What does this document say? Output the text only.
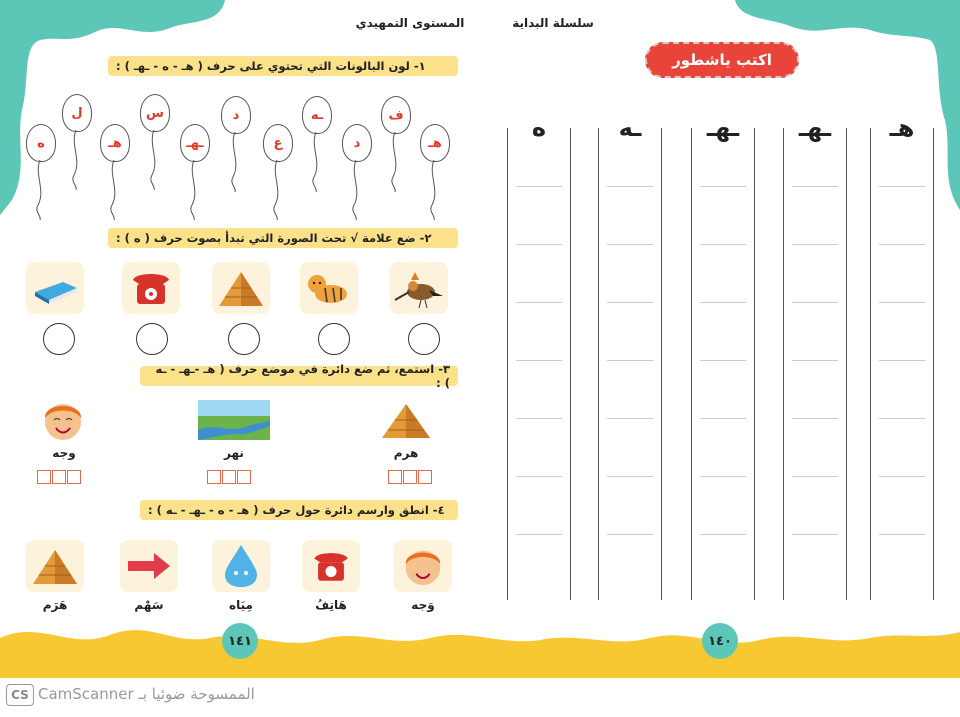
سلسلة البداية
المستوى التمهيدي
اكتب ياشطور
هـ
ـهـ
ـهـ
ـه
ه
١- لون البالونات التي تحتوي على حرف ( هـ - ه - ـهـ ) :
هـ
ف
د
ـه
ع
د
ـهـ
س
هـ
ل
ه
٢- ضع علامة √ تحت الصورة التي تبدأ بصوت حرف ( ه ) :
٣- استمع، ثم ضع دائرة في موضع حرف ( هـ -ـهـ - ـه ) :
هرم
نهر
وجه
٤- انطق وارسم دائرة حول حرف ( هـ - ه - ـهـ - ـه ) :
وَجه
هَاتِفُ
مِيَاه
سَهْم
هَرَم
١٤١	١٤٠
CS الممسوحة ضوئيا بـ CamScanner
